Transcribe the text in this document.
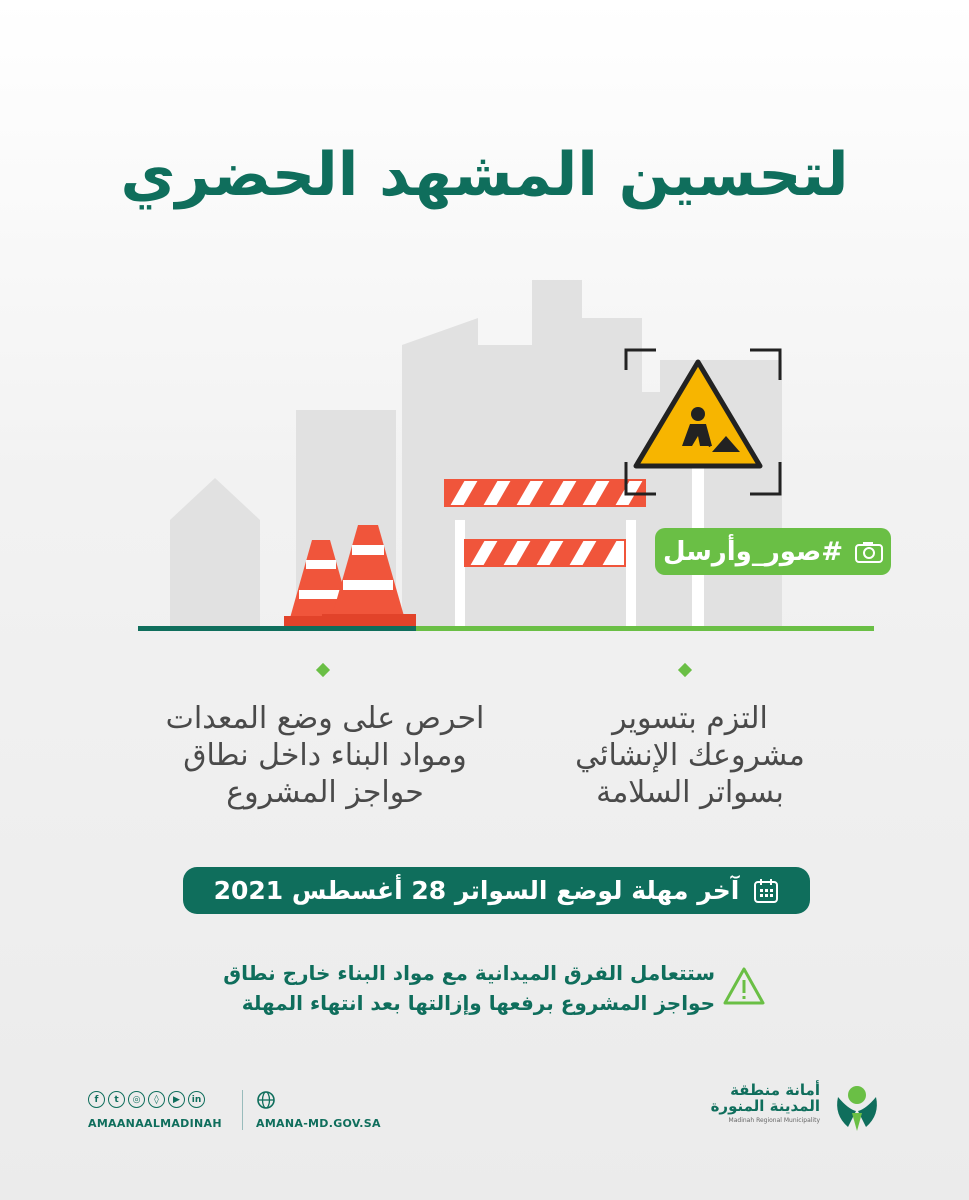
لتحسين المشهد الحضري
#صور_وأرسل
التزم بتسوير
مشروعك الإنشائي
بسواتر السلامة
احرص على وضع المعدات
ومواد البناء داخل نطاق
حواجز المشروع
آخر مهلة لوضع السواتر 28 أغسطس 2021
ستتعامل الفرق الميدانية مع مواد البناء خارج نطاق
حواجز المشروع برفعها وإزالتها بعد انتهاء المهلة
f	t	◎	◊	▶	in
AMAANAALMADINAH	AMANA-MD.GOV.SA
أمانة منطقة
المدينة المنورة
Madinah Regional Municipality
